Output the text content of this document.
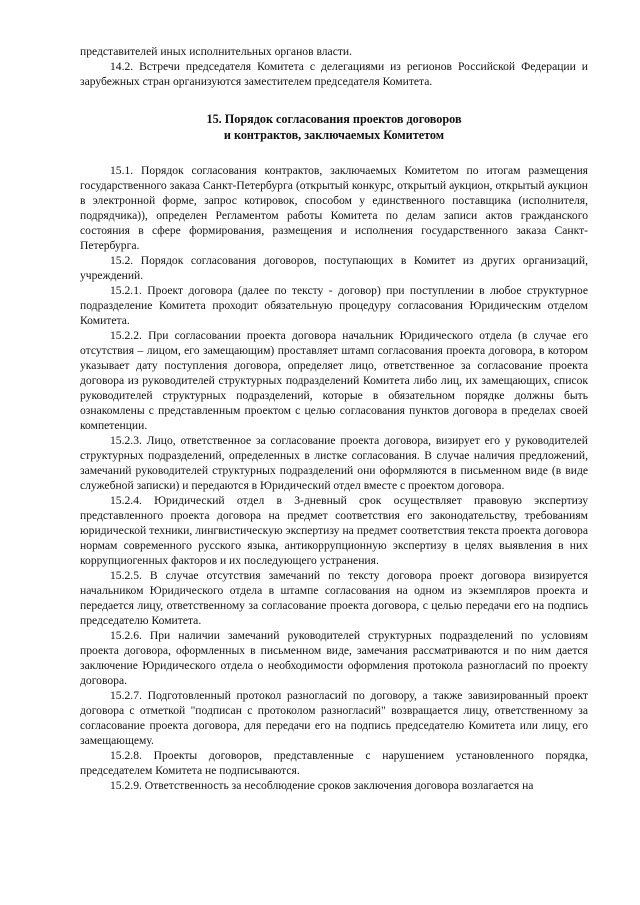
представителей иных исполнительных органов власти.

14.2. Встречи председателя Комитета с делегациями из регионов Российской Федерации и зарубежных стран организуются заместителем председателя Комитета.

15. Порядок согласования проектов договоров
и контрактов, заключаемых Комитетом

15.1. Порядок согласования контрактов, заключаемых Комитетом по итогам размещения государственного заказа Санкт-Петербурга (открытый конкурс, открытый аукцион, открытый аукцион в электронной форме, запрос котировок, способом у единственного поставщика (исполнителя, подрядчика)), определен Регламентом работы Комитета по делам записи актов гражданского состояния в сфере формирования, размещения и исполнения государственного заказа Санкт-Петербурга.

15.2. Порядок согласования договоров, поступающих в Комитет из других организаций, учреждений.

15.2.1. Проект договора (далее по тексту - договор) при поступлении в любое структурное подразделение Комитета проходит обязательную процедуру согласования Юридическим отделом Комитета.

15.2.2. При согласовании проекта договора начальник Юридического отдела (в случае его отсутствия – лицом, его замещающим) проставляет штамп согласования проекта договора, в котором указывает дату поступления договора, определяет лицо, ответственное за согласование проекта договора из руководителей структурных подразделений Комитета либо лиц, их замещающих, список руководителей структурных подразделений, которые в обязательном порядке должны быть ознакомлены с представленным проектом с целью согласования пунктов договора в пределах своей компетенции.

15.2.3. Лицо, ответственное за согласование проекта договора, визирует его у руководителей структурных подразделений, определенных в листке согласования. В случае наличия предложений, замечаний руководителей структурных подразделений они оформляются в письменном виде (в виде служебной записки) и передаются в Юридический отдел вместе с проектом договора.

15.2.4. Юридический отдел в 3-дневный срок осуществляет правовую экспертизу представленного проекта договора на предмет соответствия его законодательству, требованиям юридической техники, лингвистическую экспертизу на предмет соответствия текста проекта договора нормам современного русского языка, антикоррупционную экспертизу в целях выявления в них коррупциогенных факторов и их последующего устранения.

15.2.5. В случае отсутствия замечаний по тексту договора проект договора визируется начальником Юридического отдела в штампе согласования на одном из экземпляров проекта и передается лицу, ответственному за согласование проекта договора, с целью передачи его на подпись председателю Комитета.

15.2.6. При наличии замечаний руководителей структурных подразделений по условиям проекта договора, оформленных в письменном виде, замечания рассматриваются и по ним дается заключение Юридического отдела о необходимости оформления протокола разногласий по проекту договора.

15.2.7. Подготовленный протокол разногласий по договору, а также завизированный проект договора с отметкой "подписан с протоколом разногласий" возвращается лицу, ответственному за согласование проекта договора, для передачи его на подпись председателю Комитета или лицу, его замещающему.

15.2.8. Проекты договоров, представленные с нарушением установленного порядка, председателем Комитета не подписываются.

15.2.9. Ответственность за несоблюдение сроков заключения договора возлагается на
